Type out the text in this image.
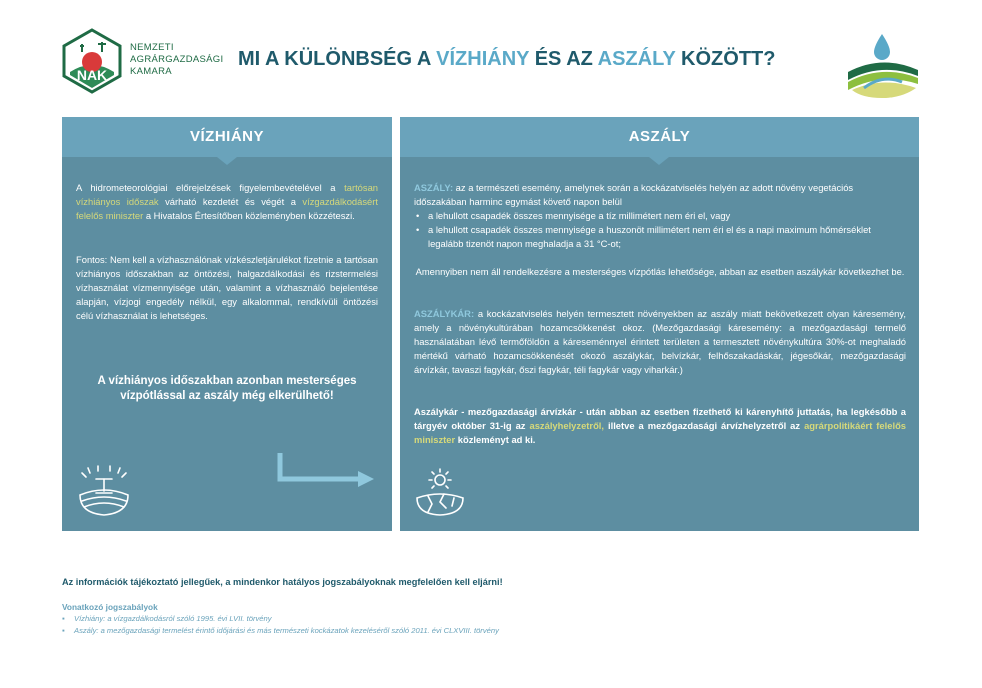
NAK
NEMZETI
AGRÁRGAZDASÁGI
KAMARA
MI A KÜLÖNBSÉG A VÍZHIÁNY ÉS AZ ASZÁLY KÖZÖTT?
VÍZHIÁNY	ASZÁLY
A hidrometeorológiai előrejelzések figyelembevételével a tartósan vízhiányos időszak várható kezdetét és végét a vízgazdálkodásért felelős miniszter a Hivatalos Értesítőben közleményben közzéteszi.
Fontos: Nem kell a vízhasználónak vízkészletjárulékot fizetnie a tartósan vízhiányos időszakban az öntözési, halgazdálkodási és rizstermelési vízhasználat vízmennyisége után, valamint a vízhasználó bejelentése alapján, vízjogi engedély nélkül, egy alkalommal, rendkívüli öntözési célú vízhasználat is lehetséges.
A vízhiányos időszakban azonban mesterséges vízpótlással az aszály még elkerülhető!
ASZÁLY: az a természeti esemény, amelynek során a kockázatviselés helyén az adott növény vegetációs időszakában harminc egymást követő napon belül
• a lehullott csapadék összes mennyisége a tíz millimétert nem éri el, vagy
• a lehullott csapadék összes mennyisége a huszonöt millimétert nem éri el és a napi maximum hőmérséklet legalább tizenöt napon meghaladja a 31 °C-ot;
Amennyiben nem áll rendelkezésre a mesterséges vízpótlás lehetősége, abban az esetben aszálykár következhet be.
ASZÁLYKÁR: a kockázatviselés helyén termesztett növényekben az aszály miatt bekövetkezett olyan káresemény, amely a növénykultúrában hozamcsökkenést okoz. (Mezőgazdasági káresemény: a mezőgazdasági termelő használatában lévő termőföldön a káreseménnyel érintett területen a termesztett növénykultúra 30%-ot meghaladó mértékű várható hozamcsökkenését okozó aszálykár, belvízkár, felhőszakadáskár, jégesőkár, mezőgazdasági árvízkár, tavaszi fagykár, őszi fagykár, téli fagykár vagy viharkár.)
Aszálykár - mezőgazdasági árvízkár - után abban az esetben fizethető ki kárenyhítő juttatás, ha legkésőbb a tárgyév október 31-ig az aszályhelyzetről, illetve a mezőgazdasági árvízhelyzetről az agrárpolitikáért felelős miniszter közleményt ad ki.
Az információk tájékoztató jellegűek, a mindenkor hatályos jogszabályoknak megfelelően kell eljárni!
Vonatkozó jogszabályok
▪ Vízhiány: a vízgazdálkodásról szóló 1995. évi LVII. törvény
▪ Aszály: a mezőgazdasági termelést érintő időjárási és más természeti kockázatok kezeléséről szóló 2011. évi CLXVIII. törvény
